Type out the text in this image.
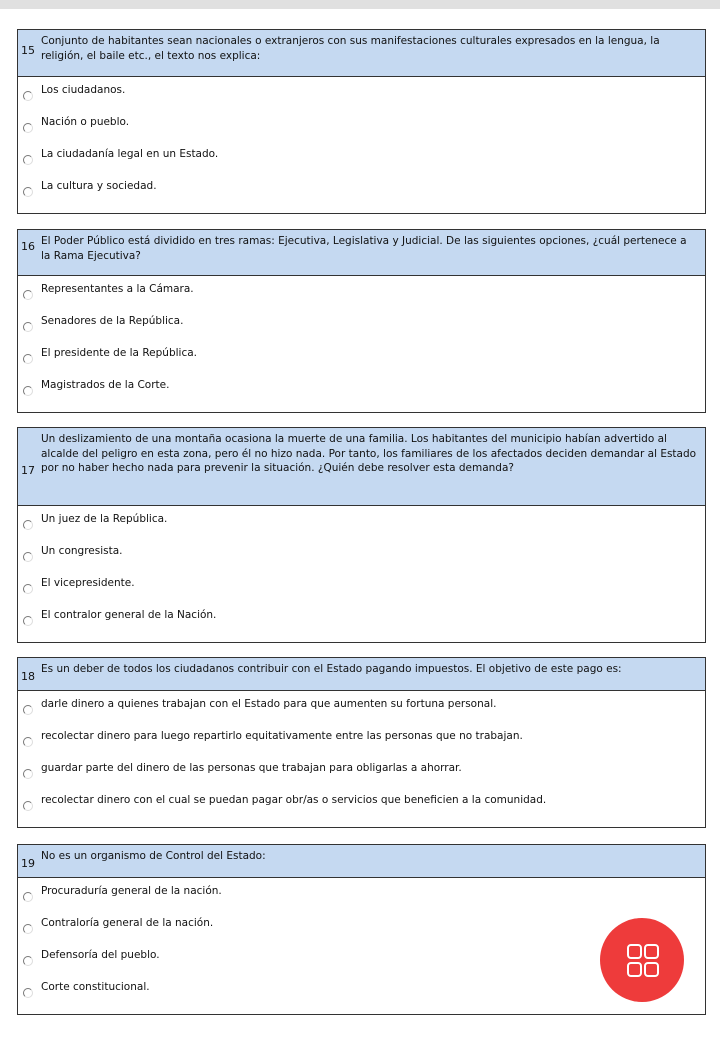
15
Conjunto de habitantes sean nacionales o extranjeros con sus manifestaciones culturales expresados en la lengua, la religión, el baile etc., el texto nos explica:
Los ciudadanos.
Nación o pueblo.
La ciudadanía legal en un Estado.
La cultura y sociedad.
16 El Poder Público está dividido en tres ramas: Ejecutiva, Legislativa y Judicial. De las siguientes opciones, ¿cuál pertenece a la Rama Ejecutiva?
Representantes a la Cámara.
Senadores de la República.
El presidente de la República.
Magistrados de la Corte.
17
Un deslizamiento de una montaña ocasiona la muerte de una familia. Los habitantes del municipio habían advertido al alcalde del peligro en esta zona, pero él no hizo nada. Por tanto, los familiares de los afectados deciden demandar al Estado por no haber hecho nada para prevenir la situación. ¿Quién debe resolver esta demanda?
Un juez de la República.
Un congresista.
El vicepresidente.
El contralor general de la Nación.
18
Es un deber de todos los ciudadanos contribuir con el Estado pagando impuestos. El objetivo de este pago es:
darle dinero a quienes trabajan con el Estado para que aumenten su fortuna personal.
recolectar dinero para luego repartirlo equitativamente entre las personas que no trabajan.
guardar parte del dinero de las personas que trabajan para obligarlas a ahorrar.
recolectar dinero con el cual se puedan pagar obr/as o servicios que beneficien a la comunidad.
19
No es un organismo de Control del Estado:
Procuraduría general de la nación.
Contraloría general de la nación.
Defensoría del pueblo.
Corte constitucional.
